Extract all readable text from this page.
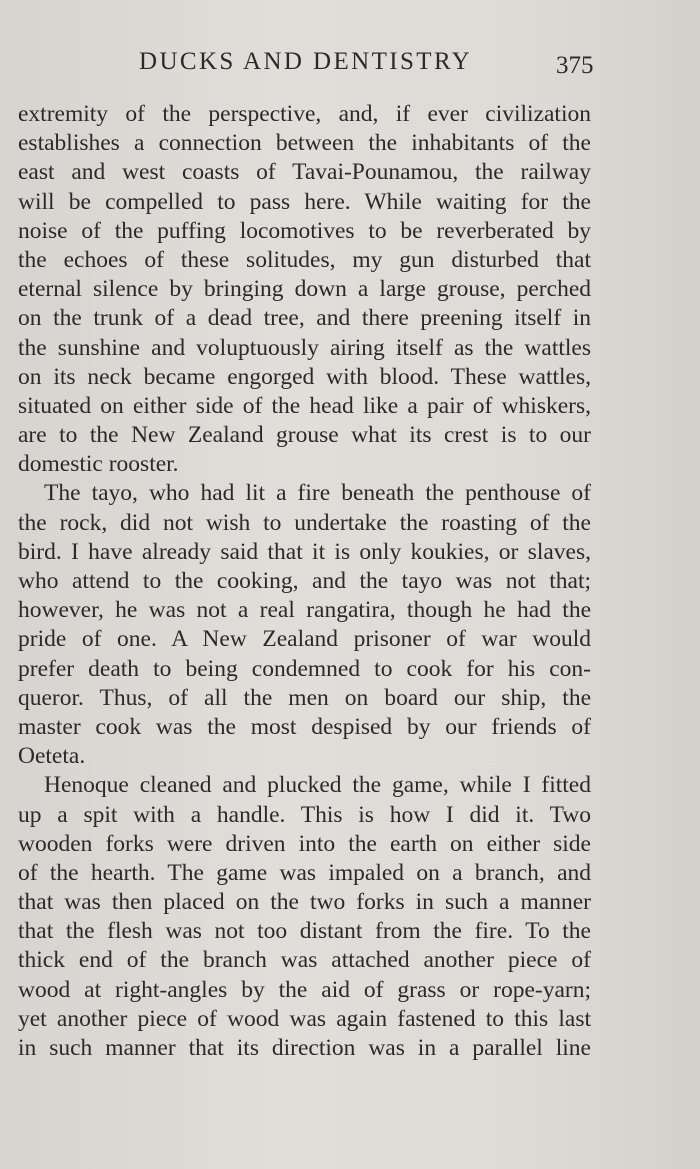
DUCKS AND DENTISTRY	375
extremity of the perspective, and, if ever civilization
establishes a connection between the inhabitants of the
east and west coasts of Tavai-Pounamou, the railway
will be compelled to pass here. While waiting for the
noise of the puffing locomotives to be reverberated by
the echoes of these solitudes, my gun disturbed that
eternal silence by bringing down a large grouse, perched
on the trunk of a dead tree, and there preening itself in
the sunshine and voluptuously airing itself as the wattles
on its neck became engorged with blood. These wattles,
situated on either side of the head like a pair of whiskers,
are to the New Zealand grouse what its crest is to our
domestic rooster.
The tayo, who had lit a fire beneath the penthouse of
the rock, did not wish to undertake the roasting of the
bird. I have already said that it is only koukies, or slaves,
who attend to the cooking, and the tayo was not that;
however, he was not a real rangatira, though he had the
pride of one. A New Zealand prisoner of war would
prefer death to being condemned to cook for his con-
queror. Thus, of all the men on board our ship, the
master cook was the most despised by our friends of
Oeteta.
Henoque cleaned and plucked the game, while I fitted
up a spit with a handle. This is how I did it. Two
wooden forks were driven into the earth on either side
of the hearth. The game was impaled on a branch, and
that was then placed on the two forks in such a manner
that the flesh was not too distant from the fire. To the
thick end of the branch was attached another piece of
wood at right-angles by the aid of grass or rope-yarn;
yet another piece of wood was again fastened to this last
in such manner that its direction was in a parallel line
